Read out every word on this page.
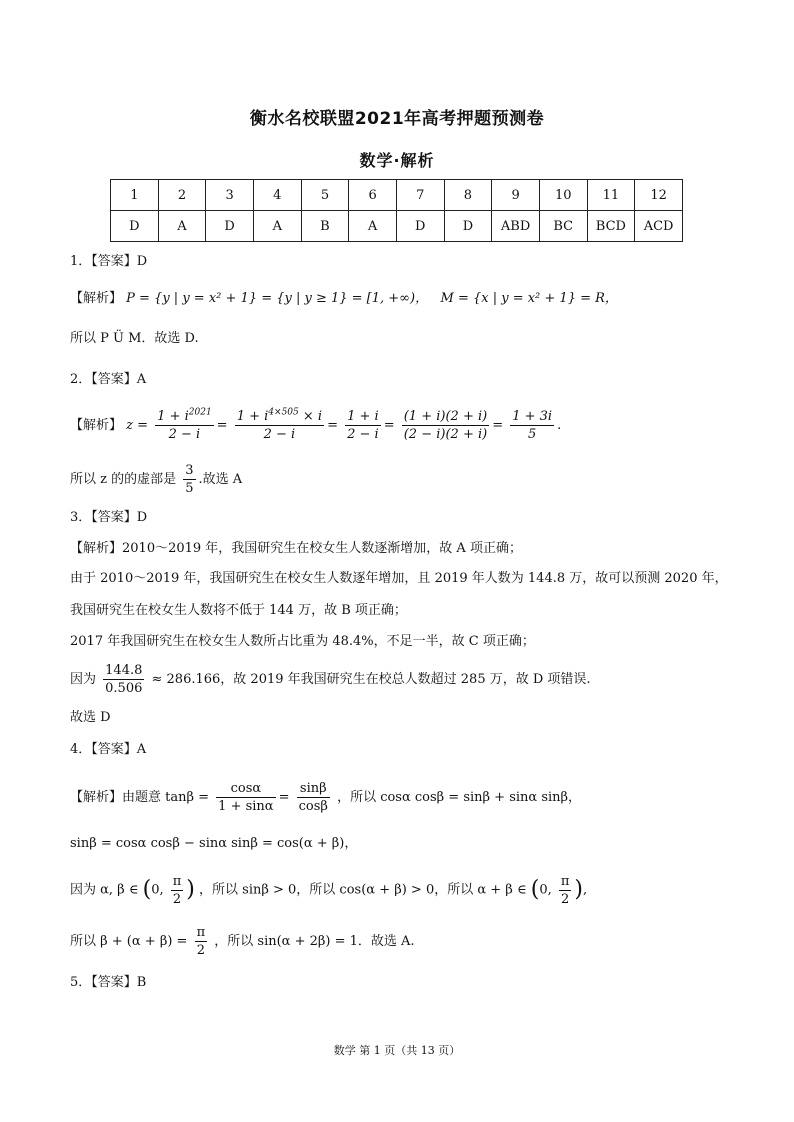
衡水名校联盟2021年高考押题预测卷
数学·解析
1	2	3	4	5	6	7	8	9	10	11	12
D	A	D	A	B	A	D	D	ABD	BC	BCD	ACD
1．【答案】D
【解析】 P = {y | y = x² + 1} = {y | y ≥ 1} = [1, +∞)， M = {x | y = x² + 1} = R，
所以 P Ü M．故选 D.
2．【答案】A
【解析】 $z = \frac{1 + i^{2021}}{2 - i} = \frac{1 + i^{4\times 505} \times i}{2 - i} = \frac{1 + i}{2 - i} = \frac{(1 + i)(2 + i)}{(2 - i)(2 + i)} = \frac{1 + 3i}{5}$ .
所以 z 的的虚部是 $\frac{3}{5}$ .故选 A
3．【答案】D
【解析】2010～2019 年，我国研究生在校女生人数逐渐增加，故 A 项正确；
由于 2010～2019 年，我国研究生在校女生人数逐年增加，且 2019 年人数为 144.8 万，故可以预测 2020 年，
我国研究生在校女生人数将不低于 144 万，故 B 项正确；
2017 年我国研究生在校女生人数所占比重为 48.4%，不足一半，故 C 项正确；
因为 $\frac{144.8}{0.506} \approx 286.166$，故 2019 年我国研究生在校总人数超过 285 万，故 D 项错误.
故选 D
4．【答案】A
【解析】由题意 $\tan\beta = \frac{\cos\alpha}{1 + \sin\alpha} = \frac{\sin\beta}{\cos\beta}$ ，所以 cosα cosβ = sinβ + sinα sinβ，
sinβ = cosα cosβ − sinα sinβ = cos(α + β)，
因为 α, β ∈ (0, $\frac{\pi}{2}$ ) ，所以 sinβ > 0，所以 cos(α + β) > 0，所以 α + β ∈ (0, $\frac{\pi}{2}$ ),
所以 $\beta + (\alpha + \beta) = \frac{\pi}{2}$ ，所以 sin(α + 2β) = 1．故选 A.
5．【答案】B
数学 第 1 页（共 13 页）
